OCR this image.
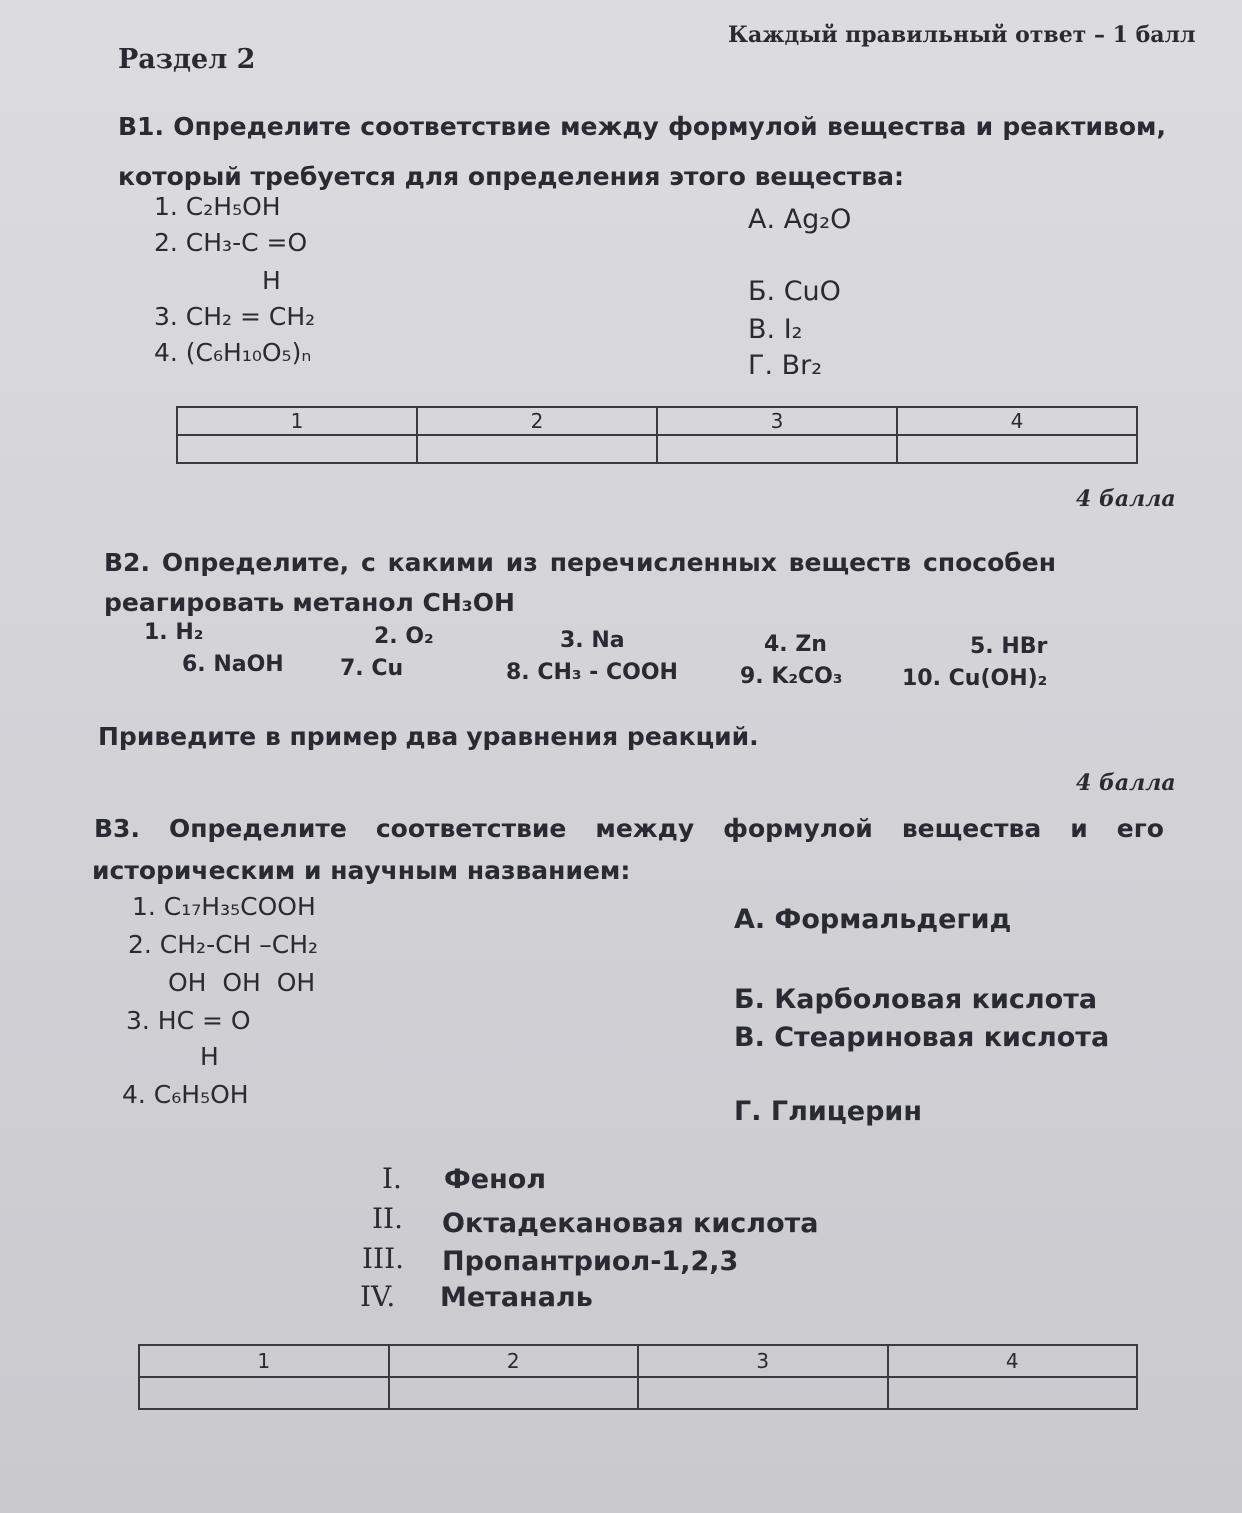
Каждый правильный ответ – 1 балл
Раздел 2
В1. Определите соответствие между формулой вещества и реактивом,
который требуется для определения этого вещества:
1. C₂H₅OH
2. CH₃-C =O
H
3. CH₂ = CH₂
4. (C₆H₁₀O₅)ₙ
А. Ag₂O
Б. CuO
В. I₂
Г. Br₂
1	2	3	4

4 балла
В2. Определите, с какими из перечисленных веществ способен
реагировать метанол CH₃OH
1. H₂	2. O₂	3. Na	4. Zn	5. HBr
6. NaOH	7. Cu	8. CH₃ - COOH	9. K₂CO₃	10. Cu(OH)₂
Приведите в пример два уравнения реакций.
4 балла
В3. Определите соответствие между формулой вещества и его
историческим и научным названием:
1. C₁₇H₃₅COOH
2. CH₂-CH –CH₂
OH  OH  OH
3. HC = O
H
4. C₆H₅OH
А. Формальдегид
Б. Карболовая кислота
В. Стеариновая кислота
Г. Глицерин
I.
II.
III.
IV.
Фенол
Октадекановая кислота
Пропантриол-1,2,3
Метаналь
1	2	3	4
